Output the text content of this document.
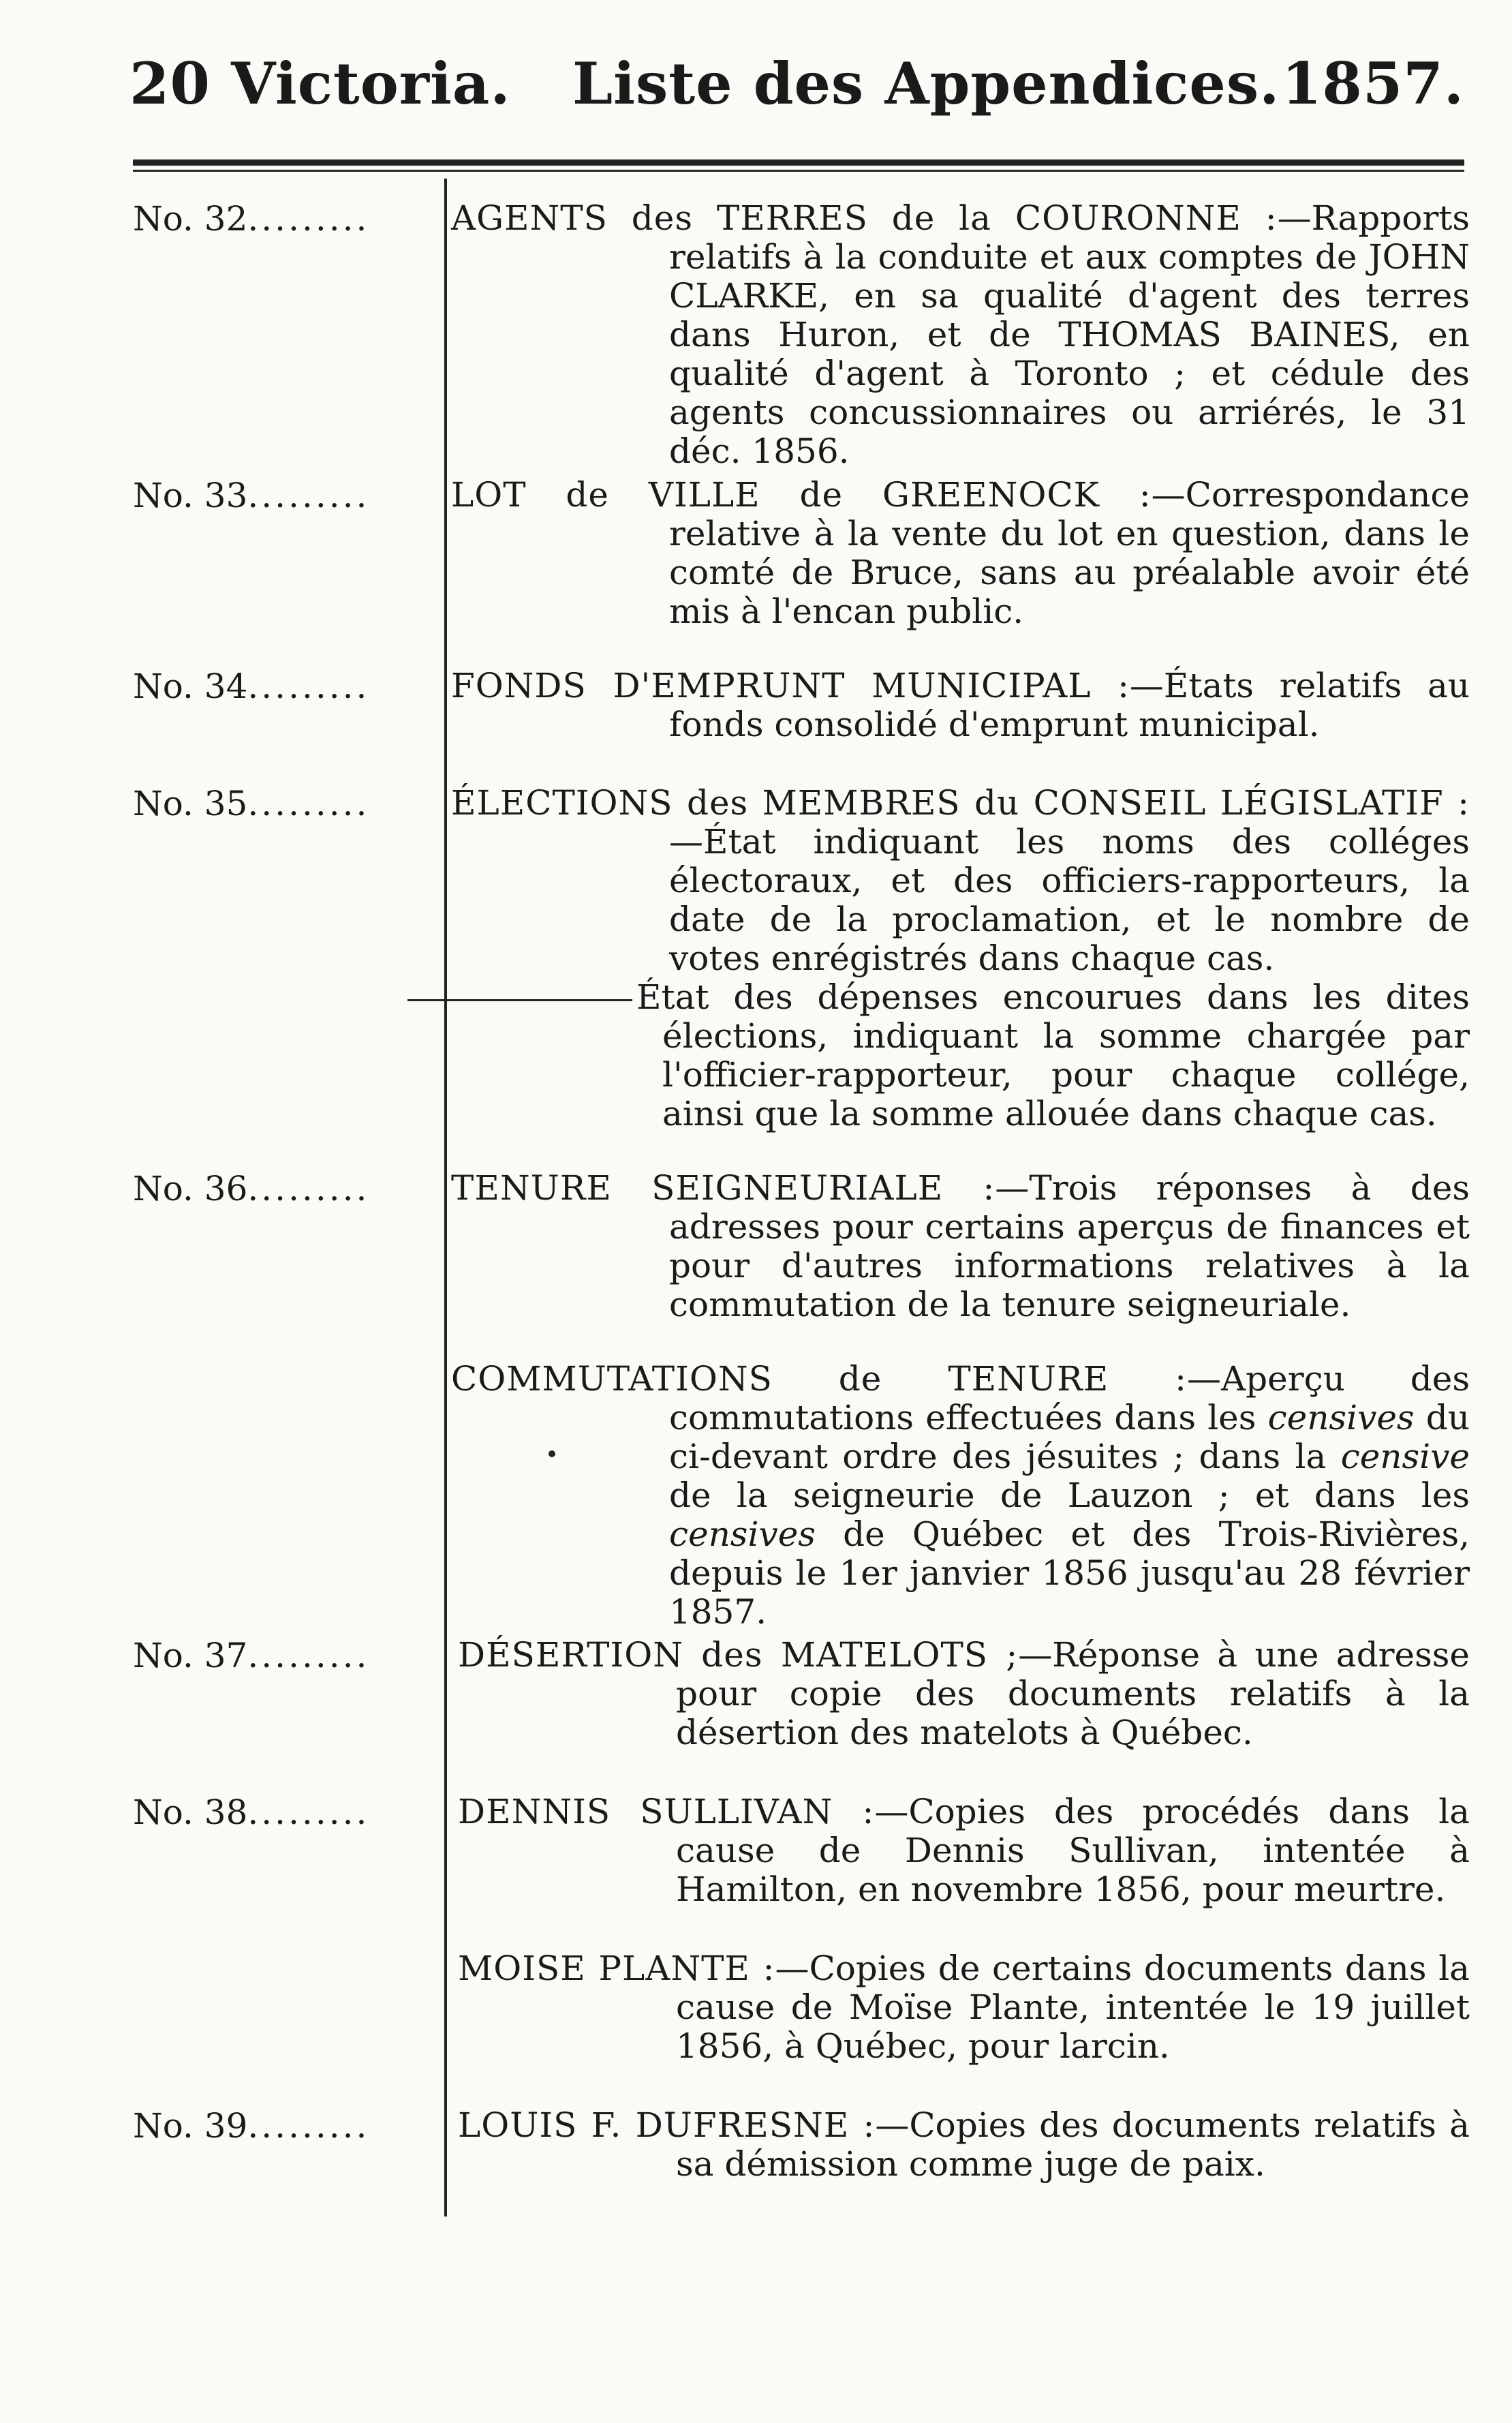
20 Victoria. Liste des Appendices. 1857.
No. 32.........	AGENTS des TERRES de la COURONNE :—Rapports relatifs à la conduite et aux comptes de JOHN CLARKE, en sa qualité d'agent des terres dans Huron, et de THOMAS BAINES, en qualité d'agent à Toronto ; et cédule des agents concussionnaires ou arriérés, le 31 déc. 1856.
No. 33.........	LOT de VILLE de GREENOCK :—Correspondance relative à la vente du lot en question, dans le comté de Bruce, sans au préalable avoir été mis à l'encan public.
No. 34.........	FONDS D'EMPRUNT MUNICIPAL :—États relatifs au fonds consolidé d'emprunt municipal.
No. 35.........	ÉLECTIONS des MEMBRES du CONSEIL LÉGISLATIF :—État indiquant les noms des colléges électoraux, et des officiers-rapporteurs, la date de la proclamation, et le nombre de votes enrégistrés dans chaque cas.
État des dépenses encourues dans les dites élections, indiquant la somme chargée par l'officier-rapporteur, pour chaque collége, ainsi que la somme allouée dans chaque cas.
No. 36.........	TENURE SEIGNEURIALE :—Trois réponses à des adresses pour certains aperçus de finances et pour d'autres informations relatives à la commutation de la tenure seigneuriale.
COMMUTATIONS de TENURE :—Aperçu des commutations effectuées dans les censives du ci-devant ordre des jésuites ; dans la censive de la seigneurie de Lauzon ; et dans les censives de Québec et des Trois-Rivières, depuis le 1er janvier 1856 jusqu'au 28 février 1857.
No. 37.........	DÉSERTION des MATELOTS ;—Réponse à une adresse pour copie des documents relatifs à la désertion des matelots à Québec.
No. 38.........	DENNIS SULLIVAN :—Copies des procédés dans la cause de Dennis Sullivan, intentée à Hamilton, en novembre 1856, pour meurtre.
MOISE PLANTE :—Copies de certains documents dans la cause de Moïse Plante, intentée le 19 juillet 1856, à Québec, pour larcin.
No. 39.........	LOUIS F. DUFRESNE :—Copies des documents relatifs à sa démission comme juge de paix.
